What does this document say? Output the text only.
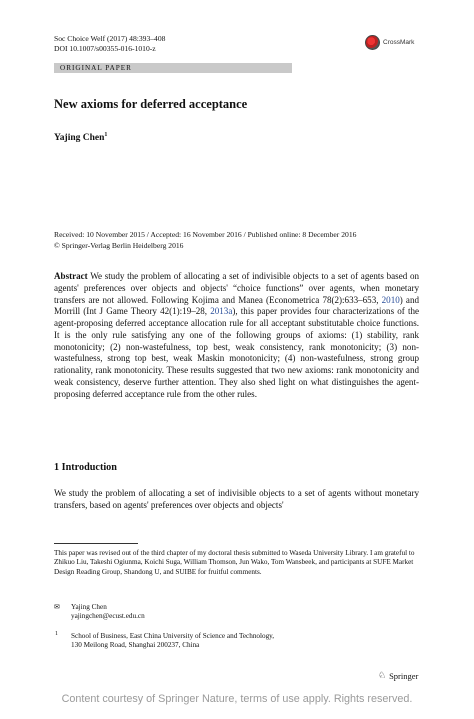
Soc Choice Welf (2017) 48:393–408
DOI 10.1007/s00355-016-1010-z
CrossMark
ORIGINAL PAPER
New axioms for deferred acceptance
Yajing Chen$^1$
Received: 10 November 2015 / Accepted: 16 November 2016 / Published online: 8 December 2016
© Springer-Verlag Berlin Heidelberg 2016
Abstract We study the problem of allocating a set of indivisible objects to a set of agents based on agents' preferences over objects and objects' “choice functions” over agents, when monetary transfers are not allowed. Following Kojima and Manea (Econometrica 78(2):633–653, 2010) and Morrill (Int J Game Theory 42(1):19–28, 2013a), this paper provides four characterizations of the agent-proposing deferred acceptance allocation rule for all acceptant substitutable choice functions. It is the only rule satisfying any one of the following groups of axioms: (1) stability, rank monotonicity; (2) non-wastefulness, top best, weak consistency, rank monotonicity; (3) non-wastefulness, strong top best, weak Maskin monotonicity; (4) non-wastefulness, strong group rationality, rank monotonicity. These results suggested that two new axioms: rank monotonicity and weak consistency, deserve further attention. They also shed light on what distinguishes the agent-proposing deferred acceptance rule from the other rules.
1 Introduction
We study the problem of allocating a set of indivisible objects to a set of agents without monetary transfers, based on agents' preferences over objects and objects'
This paper was revised out of the third chapter of my doctoral thesis submitted to Waseda University Library. I am grateful to Zhikuo Liu, Takeshi Ogiunma, Koichi Suga, William Thomson, Jun Wako, Tom Wansbeek, and participants at SUFE Market Design Reading Group, Shandong U, and SUIBE for fruitful comments.
✉ Yajing Chen
yajingchen@ecust.edu.cn
1 School of Business, East China University of Science and Technology,
130 Meilong Road, Shanghai 200237, China
♘ Springer
Content courtesy of Springer Nature, terms of use apply. Rights reserved.
